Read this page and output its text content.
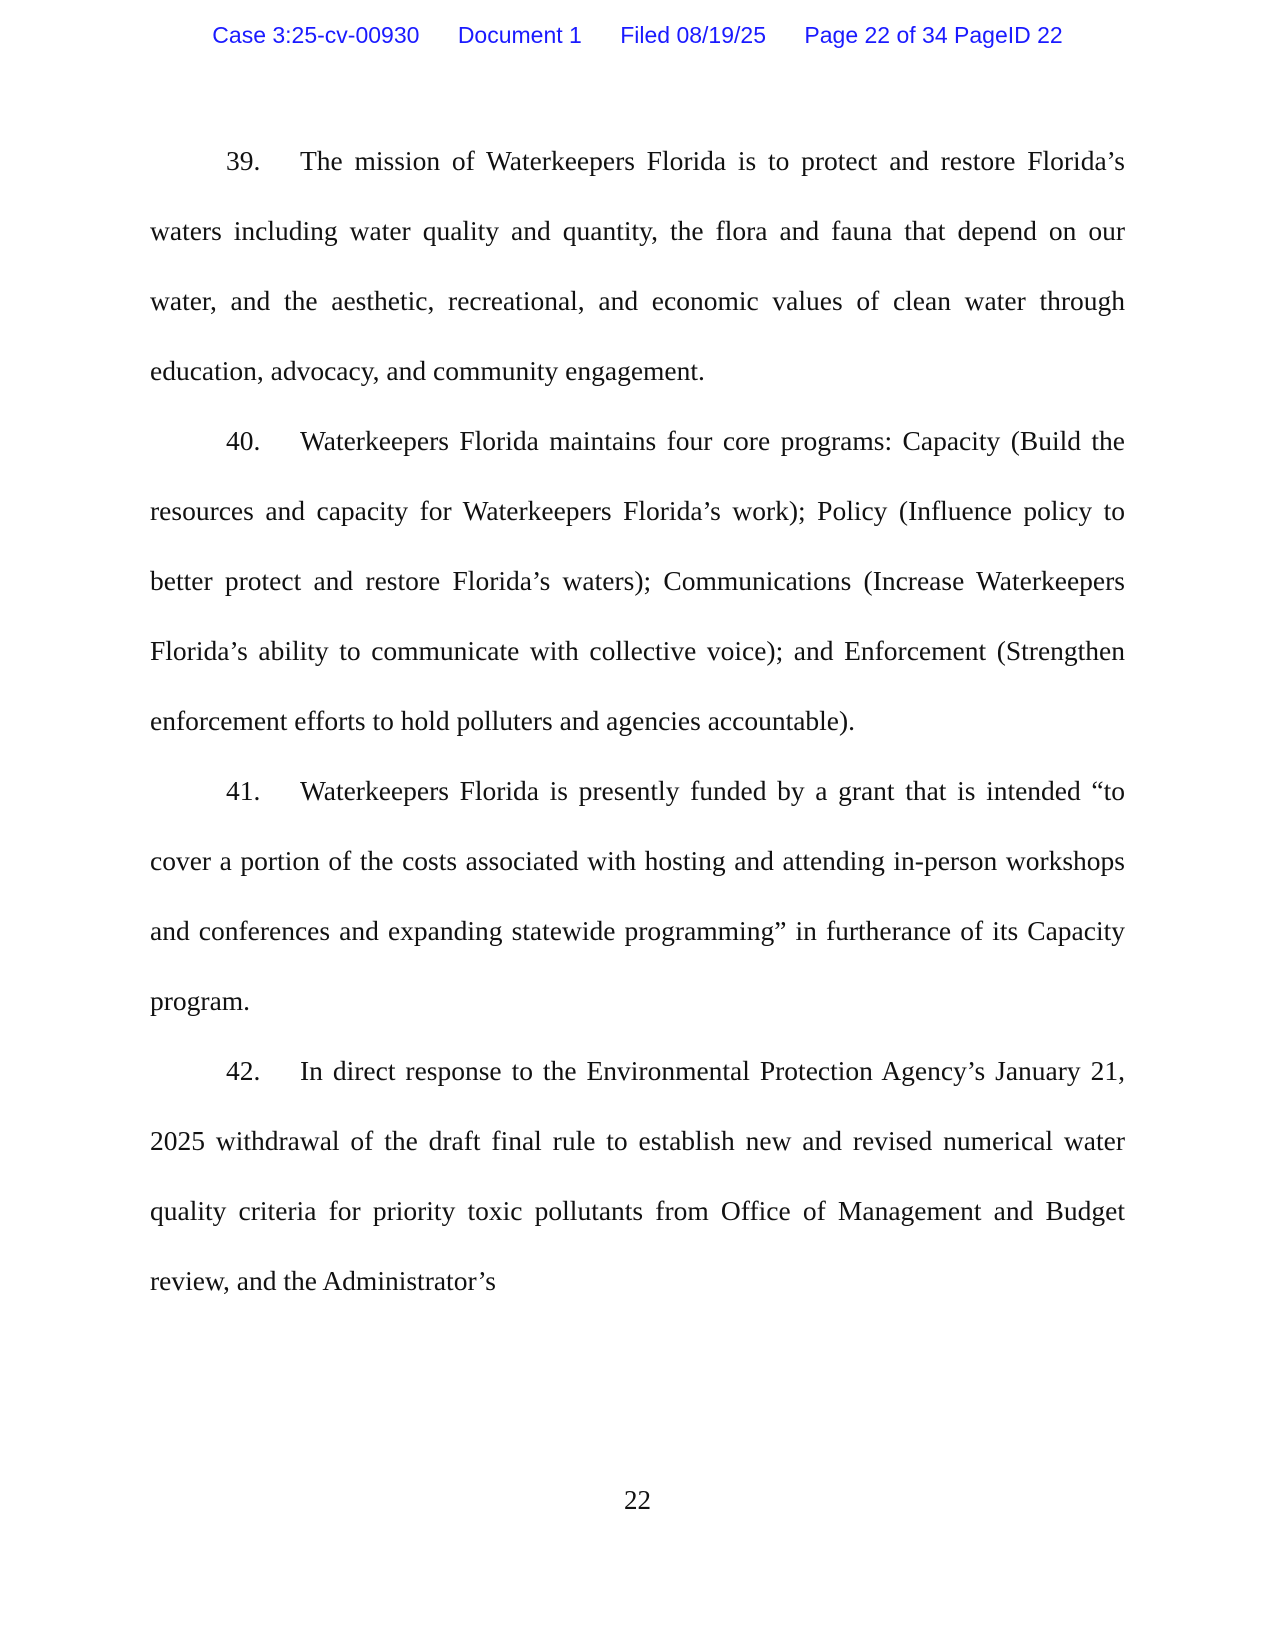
Case 3:25-cv-00930 Document 1 Filed 08/19/25 Page 22 of 34 PageID 22

39. The mission of Waterkeepers Florida is to protect and restore Florida’s waters including water quality and quantity, the flora and fauna that depend on our water, and the aesthetic, recreational, and economic values of clean water through education, advocacy, and community engagement.

40. Waterkeepers Florida maintains four core programs: Capacity (Build the resources and capacity for Waterkeepers Florida’s work); Policy (Influence policy to better protect and restore Florida’s waters); Communications (Increase Waterkeepers Florida’s ability to communicate with collective voice); and Enforcement (Strengthen enforcement efforts to hold polluters and agencies accountable).

41. Waterkeepers Florida is presently funded by a grant that is intended “to cover a portion of the costs associated with hosting and attending in-person workshops and conferences and expanding statewide programming” in furtherance of its Capacity program.

42. In direct response to the Environmental Protection Agency’s January 21, 2025 withdrawal of the draft final rule to establish new and revised numerical water quality criteria for priority toxic pollutants from Office of Management and Budget review, and the Administrator’s

22
